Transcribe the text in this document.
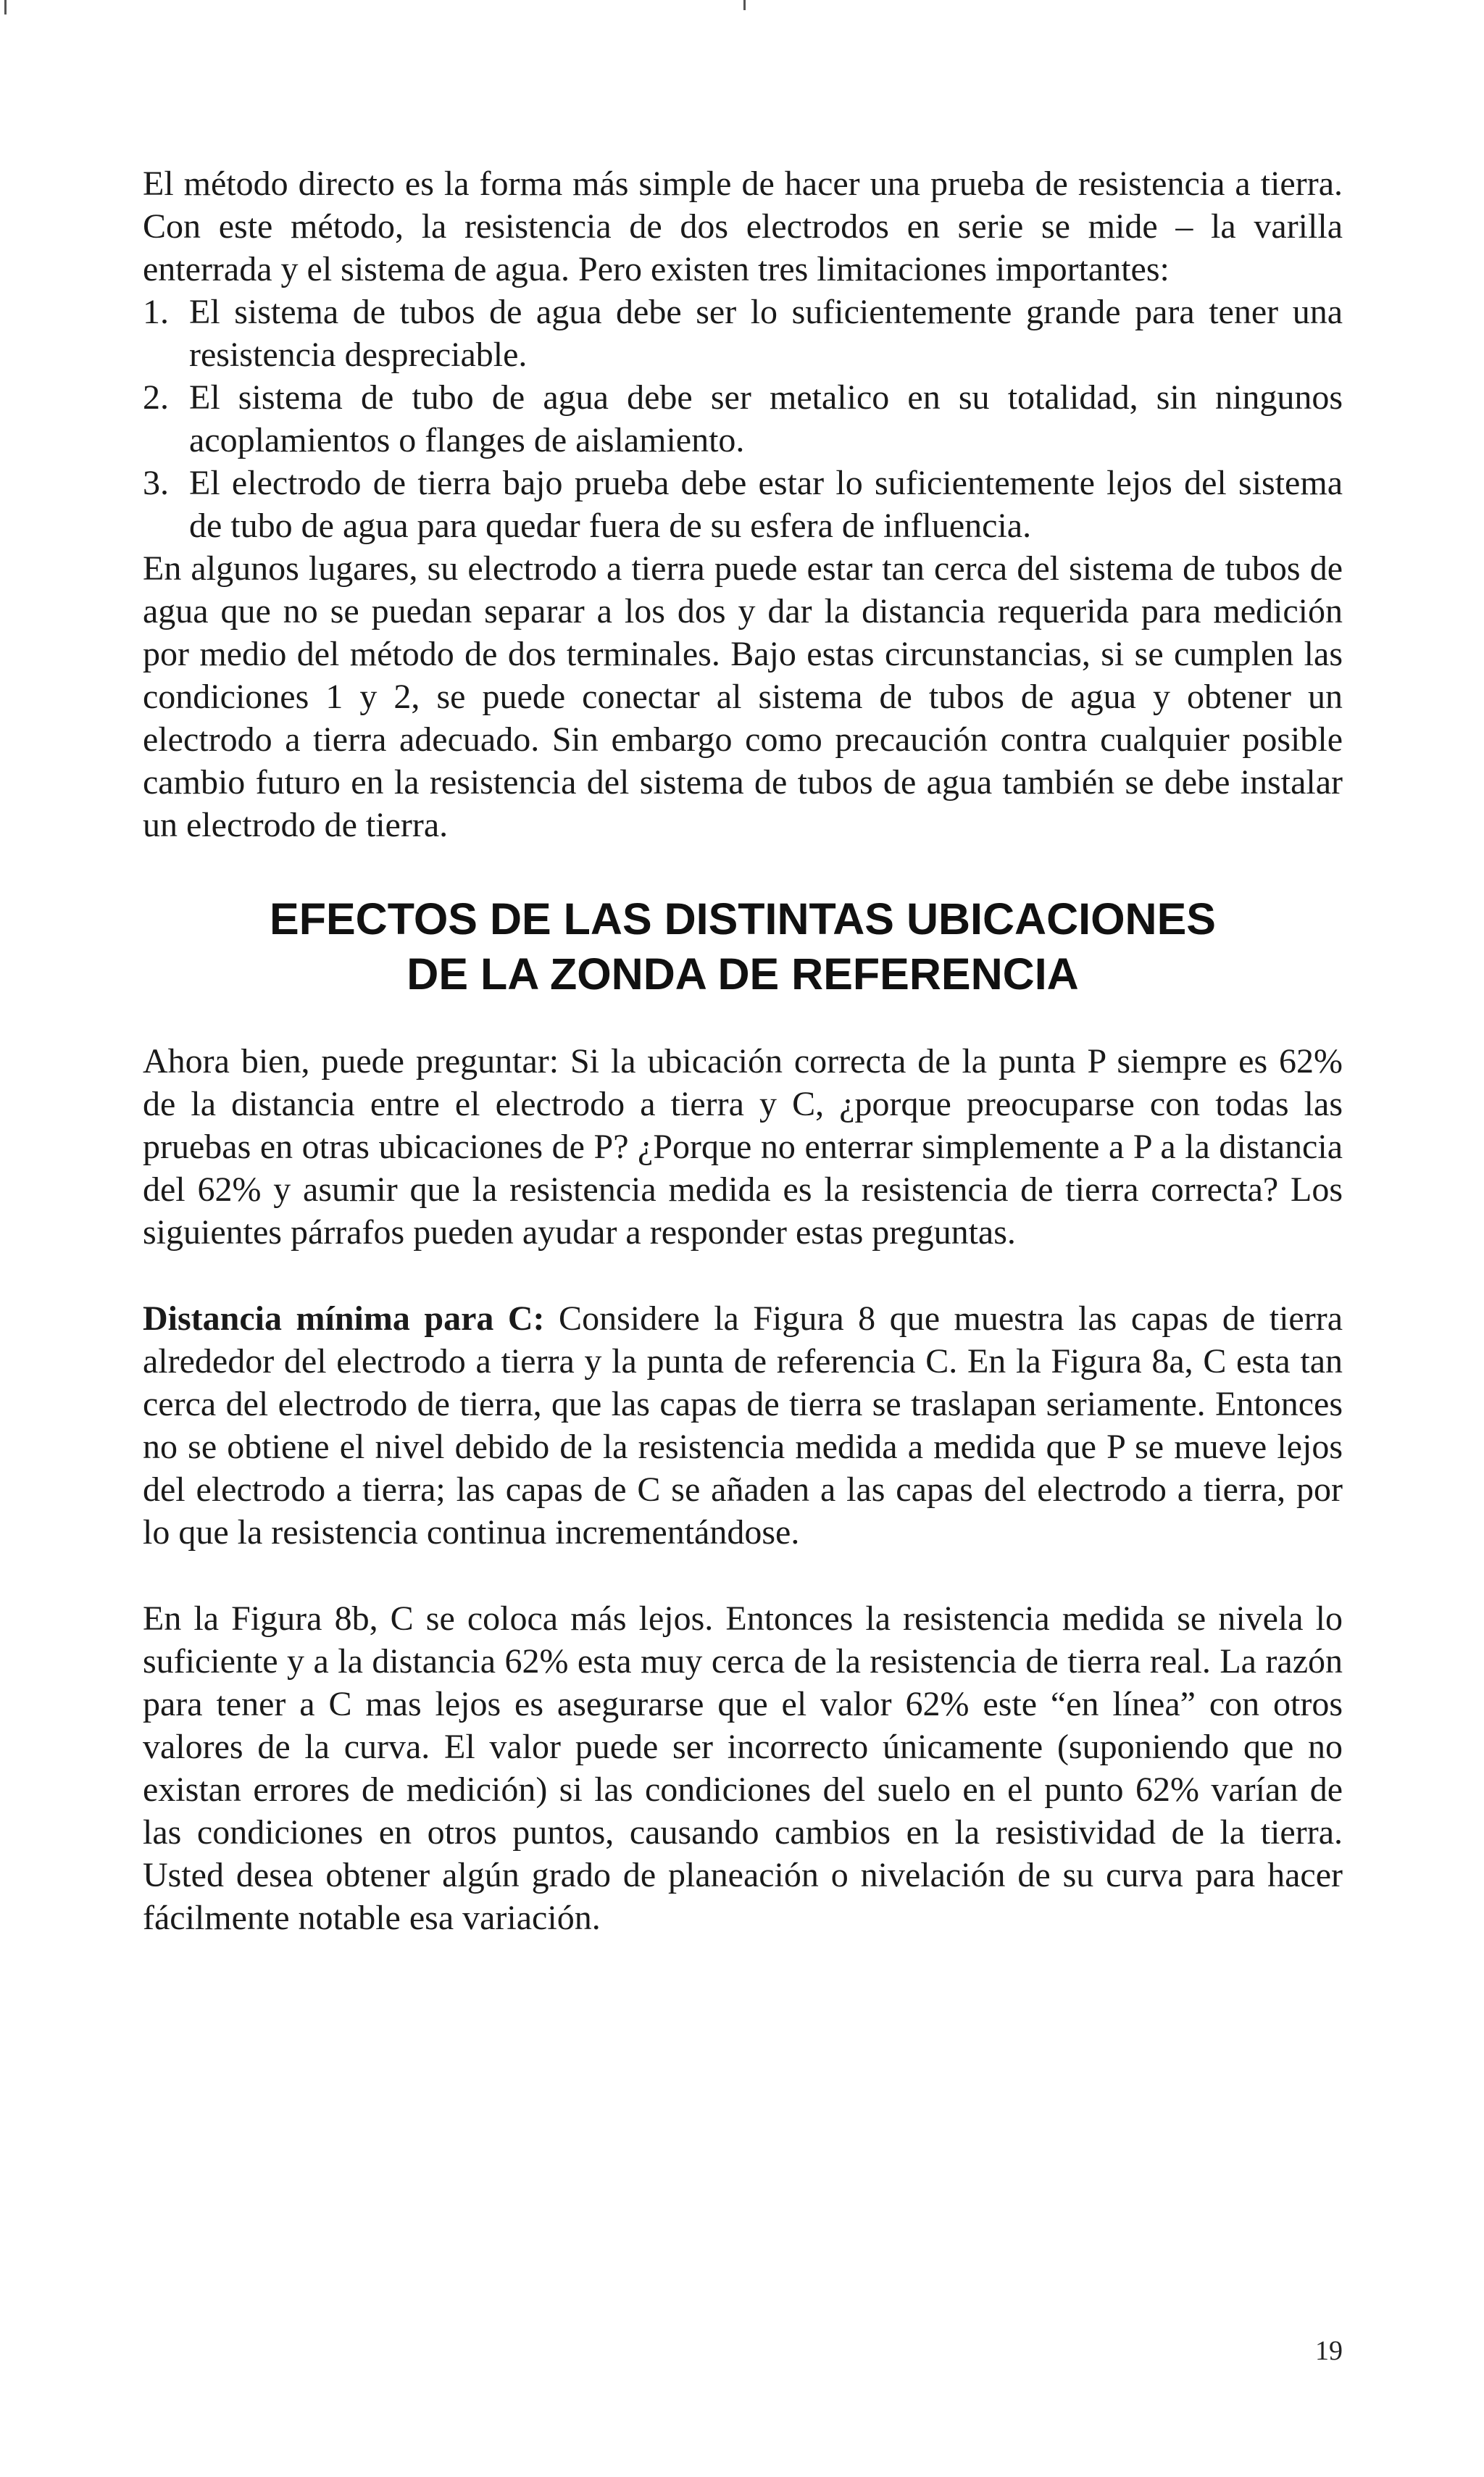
El método directo es la forma más simple de hacer una prueba de resistencia a tierra. Con este método, la resistencia de dos electrodos en serie se mide – la varilla enterrada y el sistema de agua. Pero existen tres limitaciones importantes:

1. El sistema de tubos de agua debe ser lo suficientemente grande para tener una resistencia despreciable.
2. El sistema de tubo de agua debe ser metalico en su totalidad, sin ningunos acoplamientos o flanges de aislamiento.
3. El electrodo de tierra bajo prueba debe estar lo suficientemente lejos del sistema de tubo de agua para quedar fuera de su esfera de influencia.

En algunos lugares, su electrodo a tierra puede estar tan cerca del sistema de tubos de agua que no se puedan separar a los dos y dar la distancia requerida para medición por medio del método de dos terminales. Bajo estas circunstancias, si se cumplen las condiciones 1 y 2, se puede conectar al sistema de tubos de agua y obtener un electrodo a tierra adecuado. Sin embargo como precaución contra cualquier posible cambio futuro en la resistencia del sistema de tubos de agua también se debe instalar un electrodo de tierra.

EFECTOS DE LAS DISTINTAS UBICACIONES
DE LA ZONDA DE REFERENCIA

Ahora bien, puede preguntar: Si la ubicación correcta de la punta P siempre es 62% de la distancia entre el electrodo a tierra y C, ¿porque preocuparse con todas las pruebas en otras ubicaciones de P? ¿Porque no enterrar simplemente a P a la distancia del 62% y asumir que la resistencia medida es la resistencia de tierra correcta? Los siguientes párrafos pueden ayudar a responder estas preguntas.

Distancia mínima para C: Considere la Figura 8 que muestra las capas de tierra alrededor del electrodo a tierra y la punta de referencia C. En la Figura 8a, C esta tan cerca del electrodo de tierra, que las capas de tierra se traslapan seriamente. Entonces no se obtiene el nivel debido de la resistencia medida a medida que P se mueve lejos del electrodo a tierra; las capas de C se añaden a las capas del electrodo a tierra, por lo que la resistencia continua incrementándose.

En la Figura 8b, C se coloca más lejos. Entonces la resistencia medida se nivela lo suficiente y a la distancia 62% esta muy cerca de la resistencia de tierra real. La razón para tener a C mas lejos es asegurarse que el valor 62% este “en línea” con otros valores de la curva. El valor puede ser incorrecto únicamente (suponiendo que no existan errores de medición) si las condiciones del suelo en el punto 62% varían de las condiciones en otros puntos, causando cambios en la resistividad de la tierra. Usted desea obtener algún grado de planeación o nivelación de su curva para hacer fácilmente notable esa variación.

19
